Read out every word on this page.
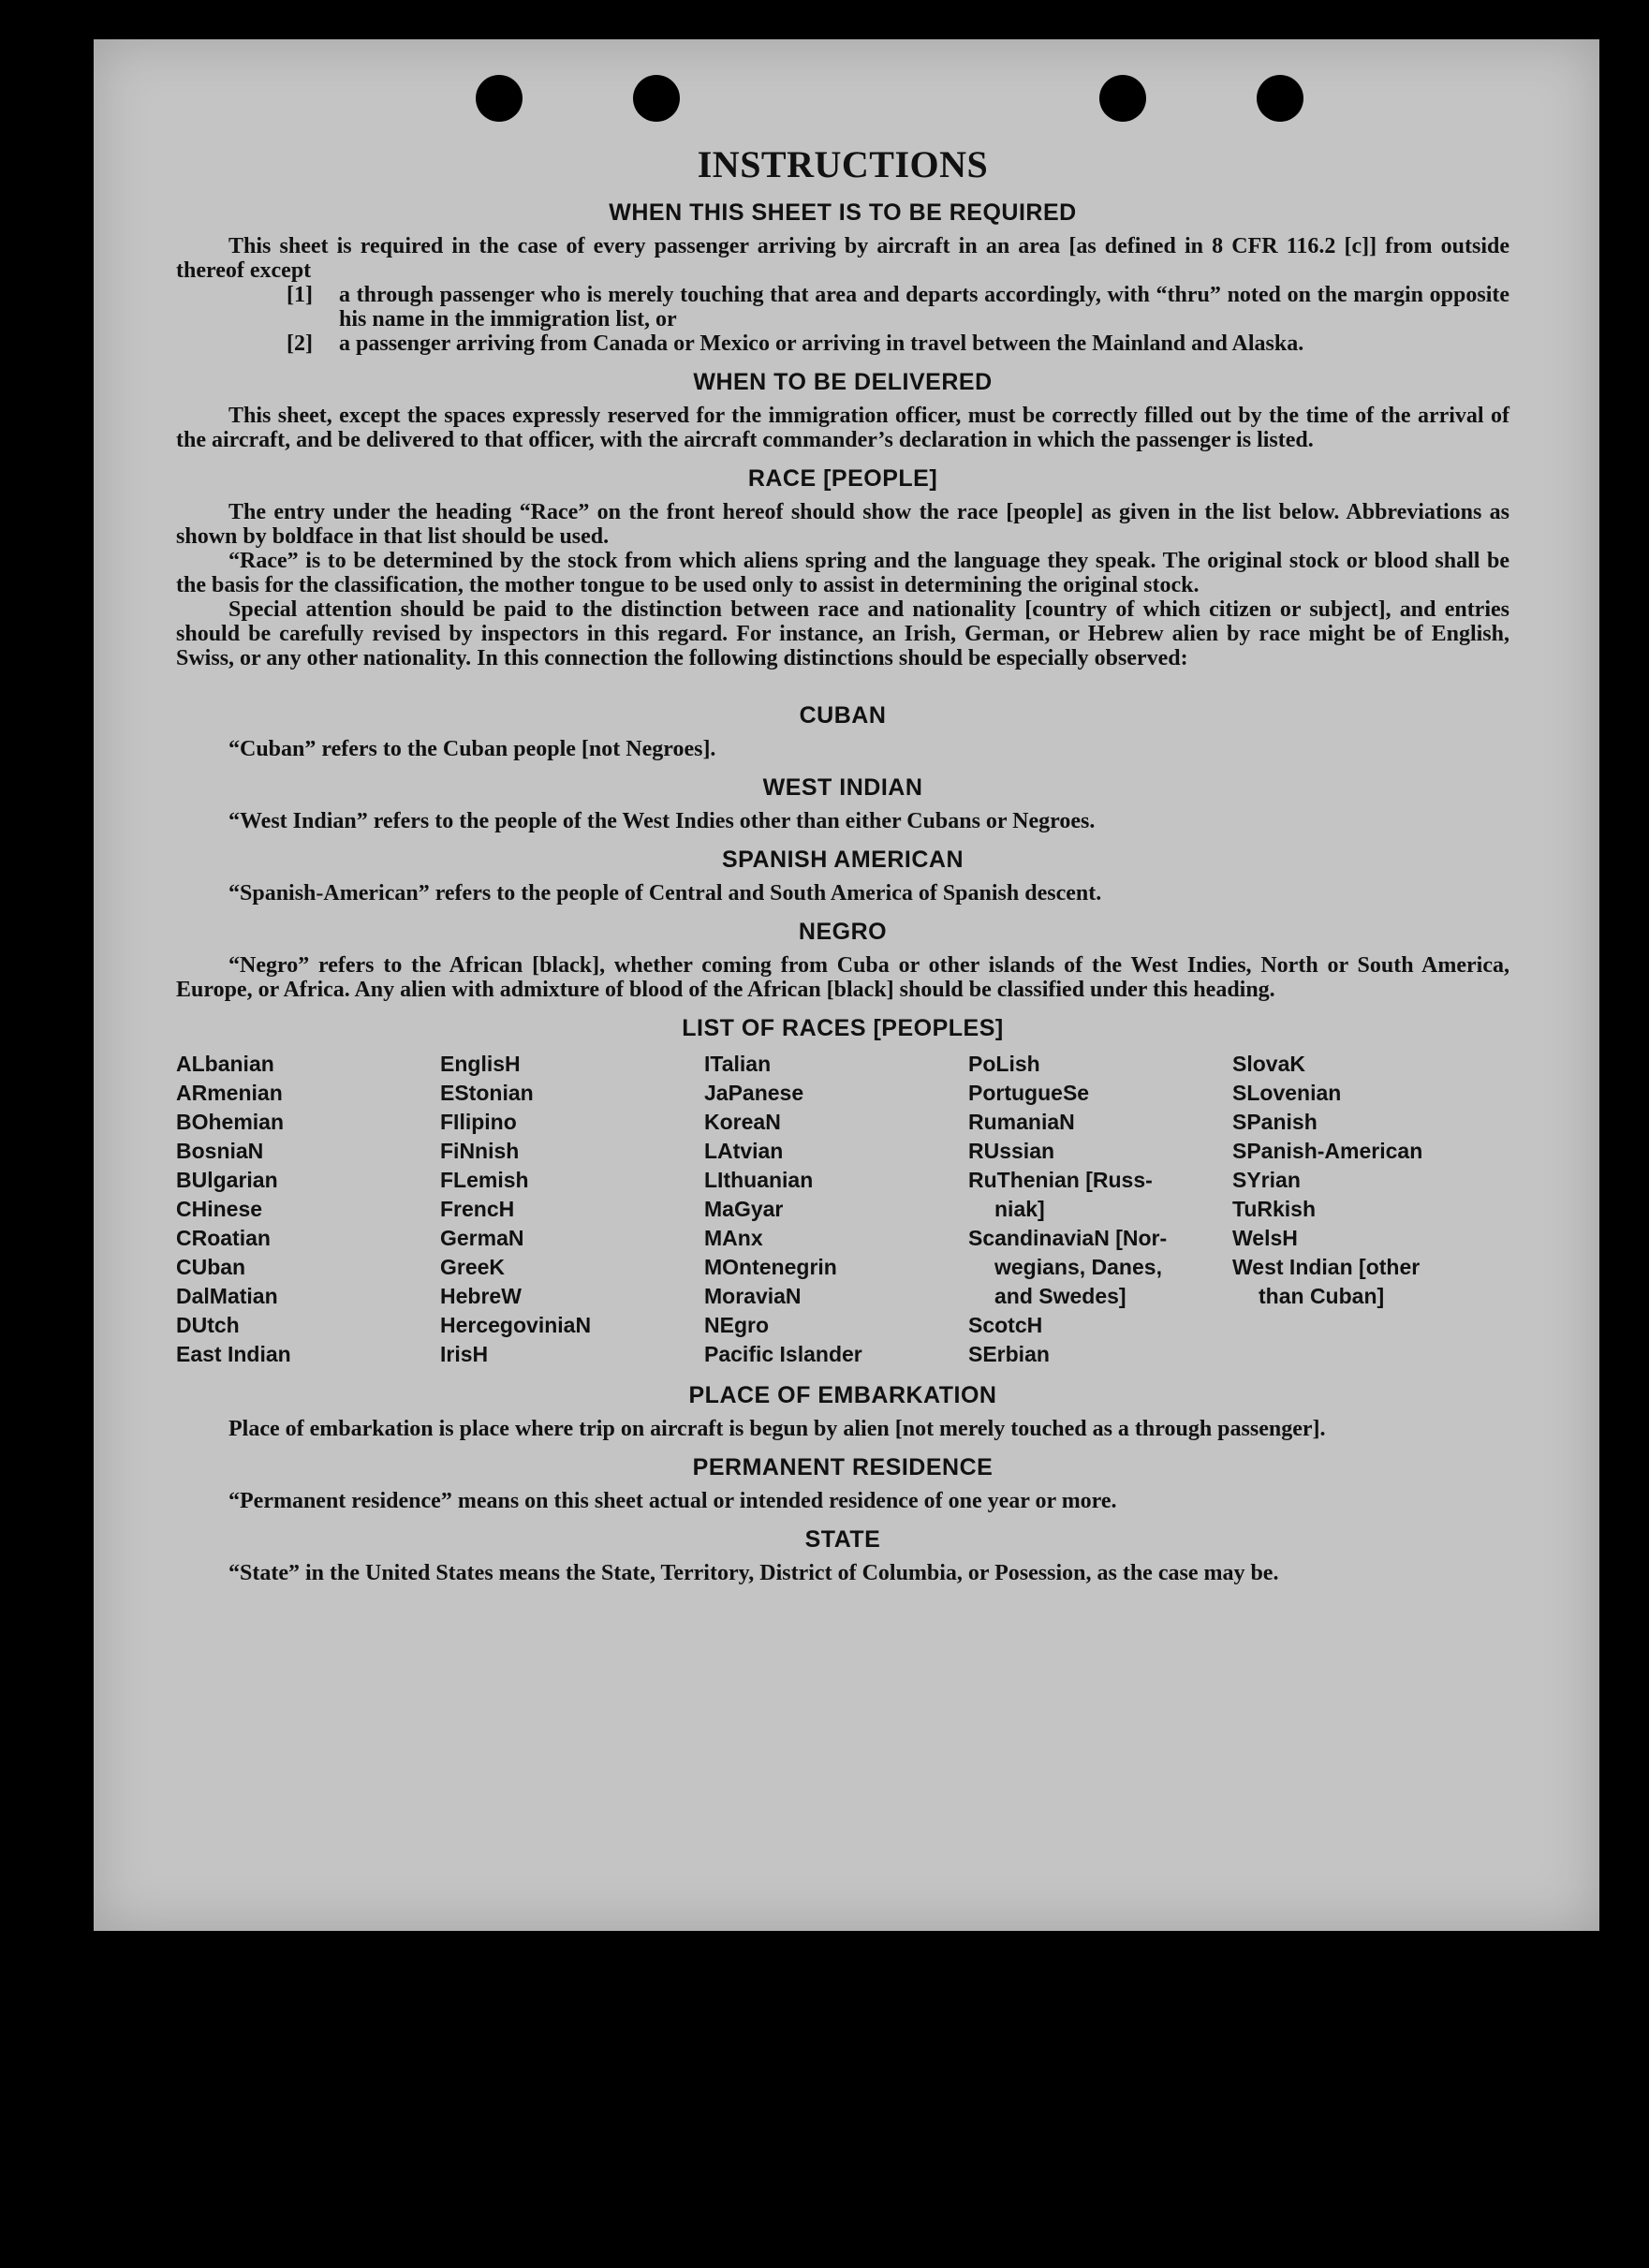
INSTRUCTIONS
WHEN THIS SHEET IS TO BE REQUIRED

This sheet is required in the case of every passenger arriving by aircraft in an area [as defined in 8 CFR 116.2 [c]] from outside thereof except

[1]	a through passenger who is merely touching that area and departs accordingly, with “thru” noted on the margin opposite his name in the immigration list, or
[2]	a passenger arriving from Canada or Mexico or arriving in travel between the Mainland and Alaska.
WHEN TO BE DELIVERED

This sheet, except the spaces expressly reserved for the immigration officer, must be correctly filled out by the time of the arrival of the aircraft, and be delivered to that officer, with the aircraft commander’s declaration in which the passenger is listed.

RACE [PEOPLE]

The entry under the heading “Race” on the front hereof should show the race [people] as given in the list below. Abbreviations as shown by boldface in that list should be used.

“Race” is to be determined by the stock from which aliens spring and the language they speak. The original stock or blood shall be the basis for the classification, the mother tongue to be used only to assist in determining the original stock.

Special attention should be paid to the distinction between race and nationality [country of which citizen or subject], and entries should be carefully revised by inspectors in this regard. For instance, an Irish, German, or Hebrew alien by race might be of English, Swiss, or any other nationality. In this connection the following distinctions should be especially observed:

CUBAN

“Cuban” refers to the Cuban people [not Negroes].

WEST INDIAN

“West Indian” refers to the people of the West Indies other than either Cubans or Negroes.

SPANISH AMERICAN

“Spanish-American” refers to the people of Central and South America of Spanish descent.

NEGRO

“Negro” refers to the African [black], whether coming from Cuba or other islands of the West Indies, North or South America, Europe, or Africa. Any alien with admixture of blood of the African [black] should be classified under this heading.

LIST OF RACES [PEOPLES]
ALbanian
ARmenian
BOhemian
BosniaN
BUlgarian
CHinese
CRoatian
CUban
DalMatian
DUtch
East Indian
EnglisH
EStonian
FIlipino
FiNnish
FLemish
FrencH
GermaN
GreeK
HebreW
HercegoviniaN
IrisH
ITalian
JaPanese
KoreaN
LAtvian
LIthuanian
MaGyar
MAnx
MOntenegrin
MoraviaN
NEgro
Pacific Islander
PoLish
PortugueSe
RumaniaN
RUssian
RuThenian [Russ-
niak]
ScandinaviaN [Nor-
wegians, Danes,
and Swedes]
ScotcH
SErbian
SlovaK
SLovenian
SPanish
SPanish-American
SYrian
TuRkish
WelsH
West Indian [other
than Cuban]
PLACE OF EMBARKATION

Place of embarkation is place where trip on aircraft is begun by alien [not merely touched as a through passenger].

PERMANENT RESIDENCE

“Permanent residence” means on this sheet actual or intended residence of one year or more.

STATE

“State” in the United States means the State, Territory, District of Columbia, or Posession, as the case may be.
